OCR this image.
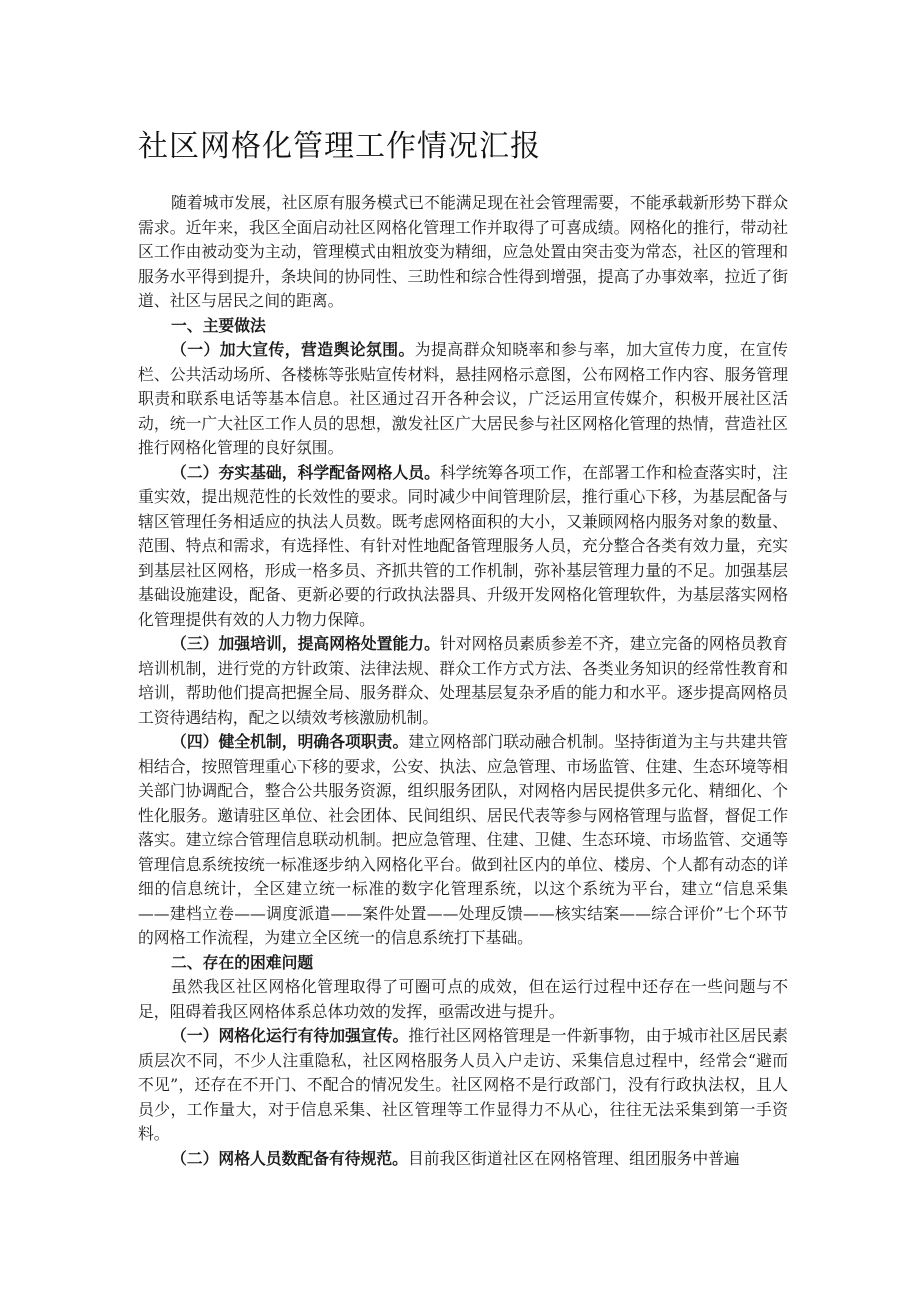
社区网格化管理工作情况汇报

随着城市发展，社区原有服务模式已不能满足现在社会管理需要，不能承载新形势下群众需求。近年来，我区全面启动社区网格化管理工作并取得了可喜成绩。网格化的推行，带动社区工作由被动变为主动，管理模式由粗放变为精细，应急处置由突击变为常态，社区的管理和服务水平得到提升，条块间的协同性、三助性和综合性得到增强，提高了办事效率，拉近了街道、社区与居民之间的距离。

一、主要做法

（一）加大宣传，营造舆论氛围。为提高群众知晓率和参与率，加大宣传力度，在宣传栏、公共活动场所、各楼栋等张贴宣传材料，悬挂网格示意图，公布网格工作内容、服务管理职责和联系电话等基本信息。社区通过召开各种会议，广泛运用宣传媒介，积极开展社区活动，统一广大社区工作人员的思想，激发社区广大居民参与社区网格化管理的热情，营造社区推行网格化管理的良好氛围。

（二）夯实基础，科学配备网格人员。科学统筹各项工作，在部署工作和检查落实时，注重实效，提出规范性的长效性的要求。同时减少中间管理阶层，推行重心下移，为基层配备与辖区管理任务相适应的执法人员数。既考虑网格面积的大小，又兼顾网格内服务对象的数量、范围、特点和需求，有选择性、有针对性地配备管理服务人员，充分整合各类有效力量，充实到基层社区网格，形成一格多员、齐抓共管的工作机制，弥补基层管理力量的不足。加强基层基础设施建设，配备、更新必要的行政执法器具、升级开发网格化管理软件，为基层落实网格化管理提供有效的人力物力保障。

（三）加强培训，提高网格处置能力。针对网格员素质参差不齐，建立完备的网格员教育培训机制，进行党的方针政策、法律法规、群众工作方式方法、各类业务知识的经常性教育和培训，帮助他们提高把握全局、服务群众、处理基层复杂矛盾的能力和水平。逐步提高网格员工资待遇结构，配之以绩效考核激励机制。

（四）健全机制，明确各项职责。建立网格部门联动融合机制。坚持街道为主与共建共管相结合，按照管理重心下移的要求，公安、执法、应急管理、市场监管、住建、生态环境等相关部门协调配合，整合公共服务资源，组织服务团队，对网格内居民提供多元化、精细化、个性化服务。邀请驻区单位、社会团体、民间组织、居民代表等参与网格管理与监督，督促工作落实。建立综合管理信息联动机制。把应急管理、住建、卫健、生态环境、市场监管、交通等管理信息系统按统一标准逐步纳入网格化平台。做到社区内的单位、楼房、个人都有动态的详细的信息统计，全区建立统一标准的数字化管理系统，以这个系统为平台，建立“信息采集——建档立卷——调度派遣——案件处置——处理反馈——核实结案——综合评价”七个环节的网格工作流程，为建立全区统一的信息系统打下基础。

二、存在的困难问题

虽然我区社区网格化管理取得了可圈可点的成效，但在运行过程中还存在一些问题与不足，阻碍着我区网格体系总体功效的发挥，亟需改进与提升。

（一）网格化运行有待加强宣传。推行社区网格管理是一件新事物，由于城市社区居民素质层次不同，不少人注重隐私，社区网格服务人员入户走访、采集信息过程中，经常会“避而不见”，还存在不开门、不配合的情况发生。社区网格不是行政部门，没有行政执法权，且人员少，工作量大，对于信息采集、社区管理等工作显得力不从心，往往无法采集到第一手资料。

（二）网格人员数配备有待规范。目前我区街道社区在网格管理、组团服务中普遍
